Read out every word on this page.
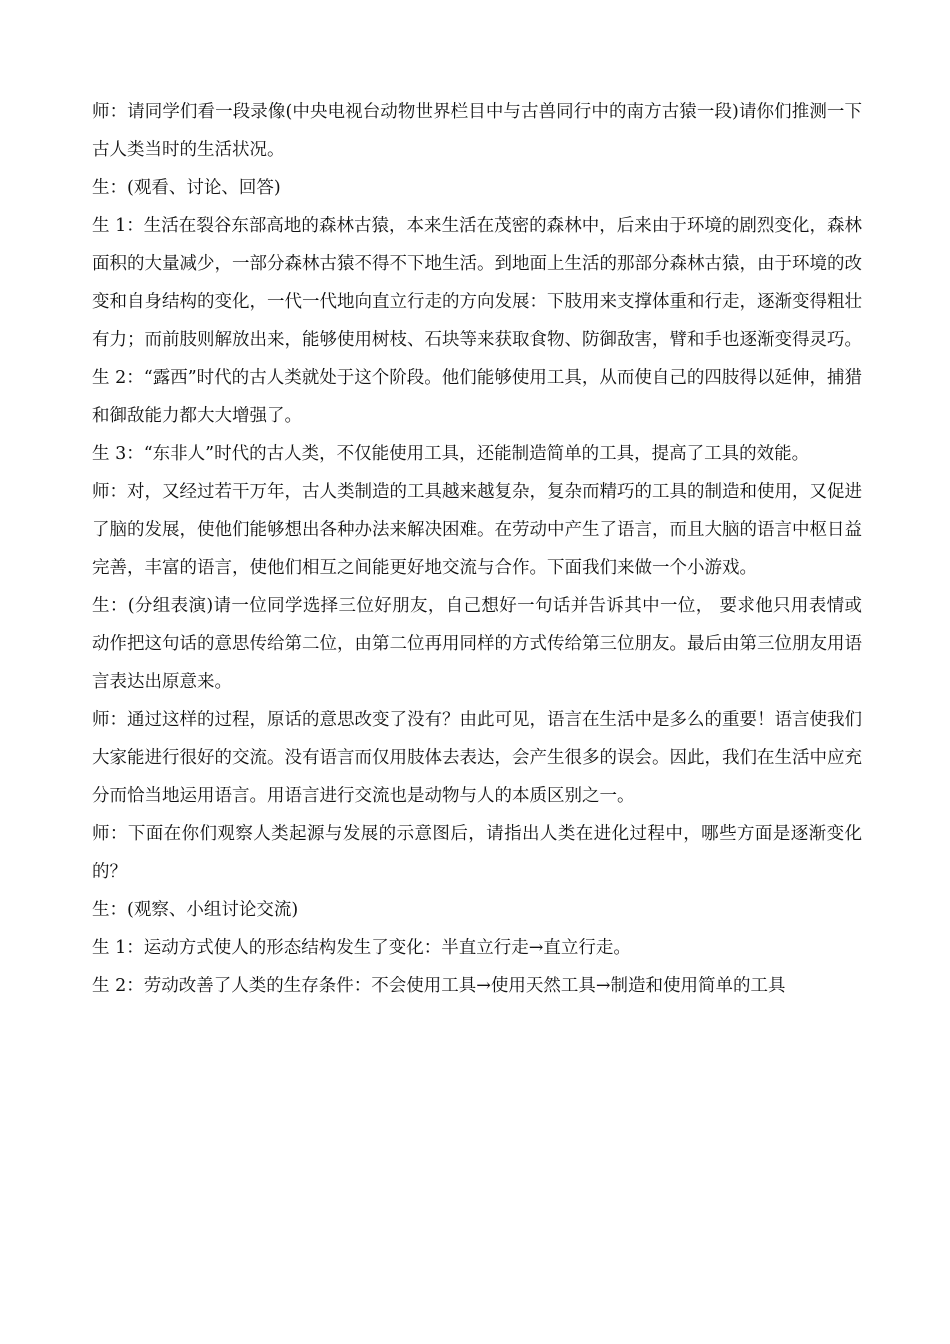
师：请同学们看一段录像(中央电视台动物世界栏目中与古兽同行中的南方古猿一段)请你们推测一下古人类当时的生活状况。

生：(观看、讨论、回答)

生 1：生活在裂谷东部高地的森林古猿，本来生活在茂密的森林中，后来由于环境的剧烈变化，森林面积的大量减少，一部分森林古猿不得不下地生活。到地面上生活的那部分森林古猿，由于环境的改变和自身结构的变化，一代一代地向直立行走的方向发展：下肢用来支撑体重和行走，逐渐变得粗壮有力；而前肢则解放出来，能够使用树枝、石块等来获取食物、防御敌害，臂和手也逐渐变得灵巧。

生 2：“露西”时代的古人类就处于这个阶段。他们能够使用工具，从而使自己的四肢得以延伸，捕猎和御敌能力都大大增强了。

生 3：“东非人”时代的古人类，不仅能使用工具，还能制造简单的工具，提高了工具的效能。

师：对，又经过若干万年，古人类制造的工具越来越复杂，复杂而精巧的工具的制造和使用，又促进了脑的发展，使他们能够想出各种办法来解决困难。在劳动中产生了语言，而且大脑的语言中枢日益完善，丰富的语言，使他们相互之间能更好地交流与合作。下面我们来做一个小游戏。

生：(分组表演)请一位同学选择三位好朋友，自己想好一句话并告诉其中一位， 要求他只用表情或动作把这句话的意思传给第二位，由第二位再用同样的方式传给第三位朋友。最后由第三位朋友用语言表达出原意来。

师：通过这样的过程，原话的意思改变了没有？由此可见，语言在生活中是多么的重要！语言使我们大家能进行很好的交流。没有语言而仅用肢体去表达，会产生很多的误会。因此，我们在生活中应充分而恰当地运用语言。用语言进行交流也是动物与人的本质区别之一。

师：下面在你们观察人类起源与发展的示意图后，请指出人类在进化过程中，哪些方面是逐渐变化的？

生：(观察、小组讨论交流)

生 1：运动方式使人的形态结构发生了变化：半直立行走→直立行走。

生 2：劳动改善了人类的生存条件：不会使用工具→使用天然工具→制造和使用简单的工具
